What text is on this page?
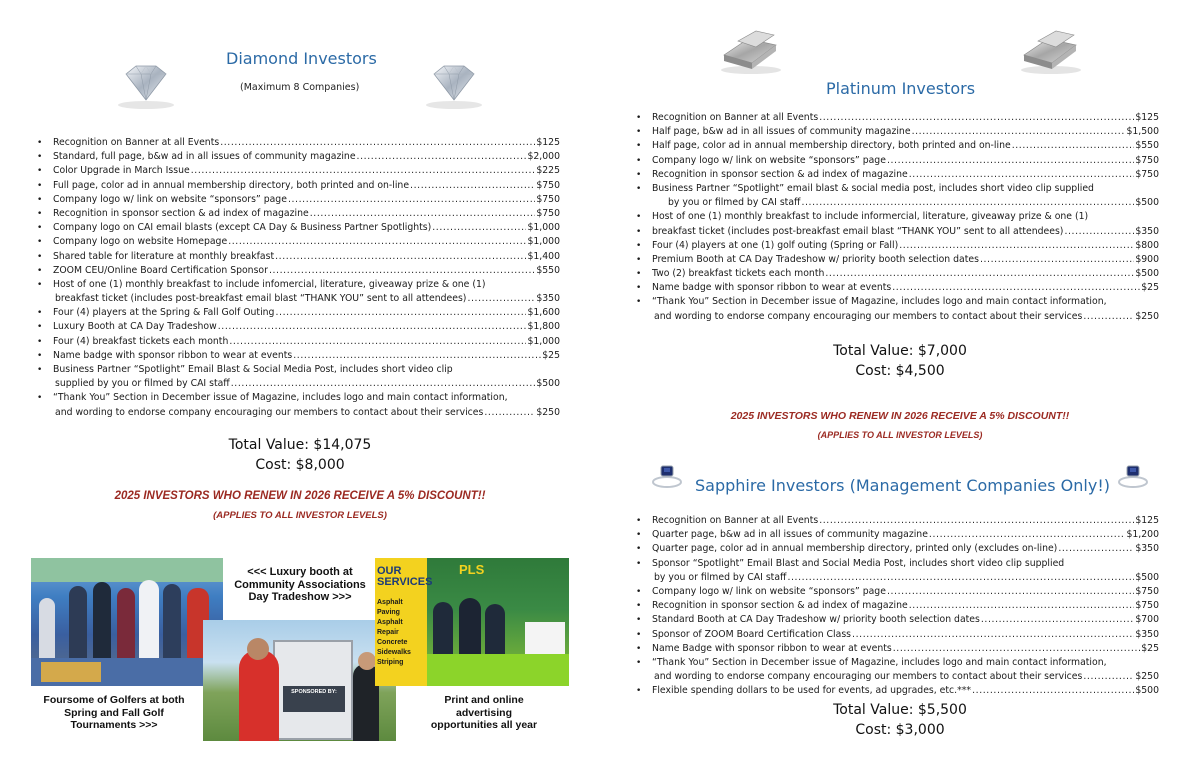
Diamond Investors
(Maximum 8 Companies)
• Recognition on Banner at all Events .....	$125
• Standard, full page, b&w ad in all issues of community magazine .....	$2,000
• Color Upgrade in March Issue .....	$225
• Full page, color ad in annual membership directory, both printed and on-line .....	$750
• Company logo w/ link on website “sponsors” page .....	$750
• Recognition in sponsor section & ad index of magazine .....	$750
• Company logo on CAI email blasts (except CA Day & Business Partner Spotlights) .....	$1,000
• Company logo on website Homepage .....	$1,000
• Shared table for literature at monthly breakfast .....	$1,400
• ZOOM CEU/Online Board Certification Sponsor .....	$550
• Host of one (1) monthly breakfast to include infomercial, literature, giveaway prize & one (1)
breakfast ticket (includes post-breakfast email blast “THANK YOU” sent to all attendees) .....	$350
• Four (4) players at the Spring & Fall Golf Outing .....	$1,600
• Luxury Booth at CA Day Tradeshow .....	$1,800
• Four (4) breakfast tickets each month .....	$1,000
• Name badge with sponsor ribbon to wear at events .....	$25
• Business Partner “Spotlight” Email Blast & Social Media Post, includes short video clip
supplied by you or filmed by CAI staff .....	$500
• “Thank You” Section in December issue of Magazine, includes logo and main contact information,
and wording to endorse company encouraging our members to contact about their services .....	$250
Total Value: $14,075
Cost: $8,000
2025 INVESTORS WHO RENEW IN 2026 RECEIVE A 5% DISCOUNT!!
(APPLIES TO ALL INVESTOR LEVELS)
<<< Luxury booth at Community Associations Day Tradeshow >>>
SPONSORED BY:
OUR SERVICES
Asphalt Paving Asphalt Repair Concrete Sidewalks Striping
PLS
Foursome of Golfers at both Spring and Fall Golf Tournaments >>>
Print and online advertising opportunities all year
Platinum Investors
• Recognition on Banner at all Events .....	$125
• Half page, b&w ad in all issues of community magazine .....	$1,500
• Half page, color ad in annual membership directory, both printed and on-line .....	$550
• Company logo w/ link on website “sponsors” page .....	$750
• Recognition in sponsor section & ad index of magazine .....	$750
• Business Partner “Spotlight” email blast & social media post, includes short video clip supplied
by you or filmed by CAI staff .....	$500
• Host of one (1) monthly breakfast to include informercial, literature, giveaway prize & one (1)
• breakfast ticket (includes post-breakfast email blast “THANK YOU” sent to all attendees) .....	$350
• Four (4) players at one (1) golf outing (Spring or Fall) .....	$800
• Premium Booth at CA Day Tradeshow w/ priority booth selection dates .....	$900
• Two (2) breakfast tickets each month .....	$500
• Name badge with sponsor ribbon to wear at events .....	$25
• “Thank You” Section in December issue of Magazine, includes logo and main contact information,
and wording to endorse company encouraging our members to contact about their services .....	$250
Total Value: $7,000
Cost: $4,500
2025 INVESTORS WHO RENEW IN 2026 RECEIVE A 5% DISCOUNT!!
(APPLIES TO ALL INVESTOR LEVELS)
Sapphire Investors (Management Companies Only!)
• Recognition on Banner at all Events .....	$125
• Quarter page, b&w ad in all issues of community magazine .....	$1,200
• Quarter page, color ad in annual membership directory, printed only (excludes on-line) .....	$350
• Sponsor “Spotlight” Email Blast and Social Media Post, includes short video clip supplied
by you or filmed by CAI staff .....	$500
• Company logo w/ link on website “sponsors” page .....	$750
• Recognition in sponsor section & ad index of magazine .....	$750
• Standard Booth at CA Day Tradeshow w/ priority booth selection dates .....	$700
• Sponsor of ZOOM Board Certification Class .....	$350
• Name Badge with sponsor ribbon to wear at events .....	$25
• “Thank You” Section in December issue of Magazine, includes logo and main contact information,
and wording to endorse company encouraging our members to contact about their services .....	$250
• Flexible spending dollars to be used for events, ad upgrades, etc.*** .....	$500
Total Value: $5,500
Cost: $3,000
